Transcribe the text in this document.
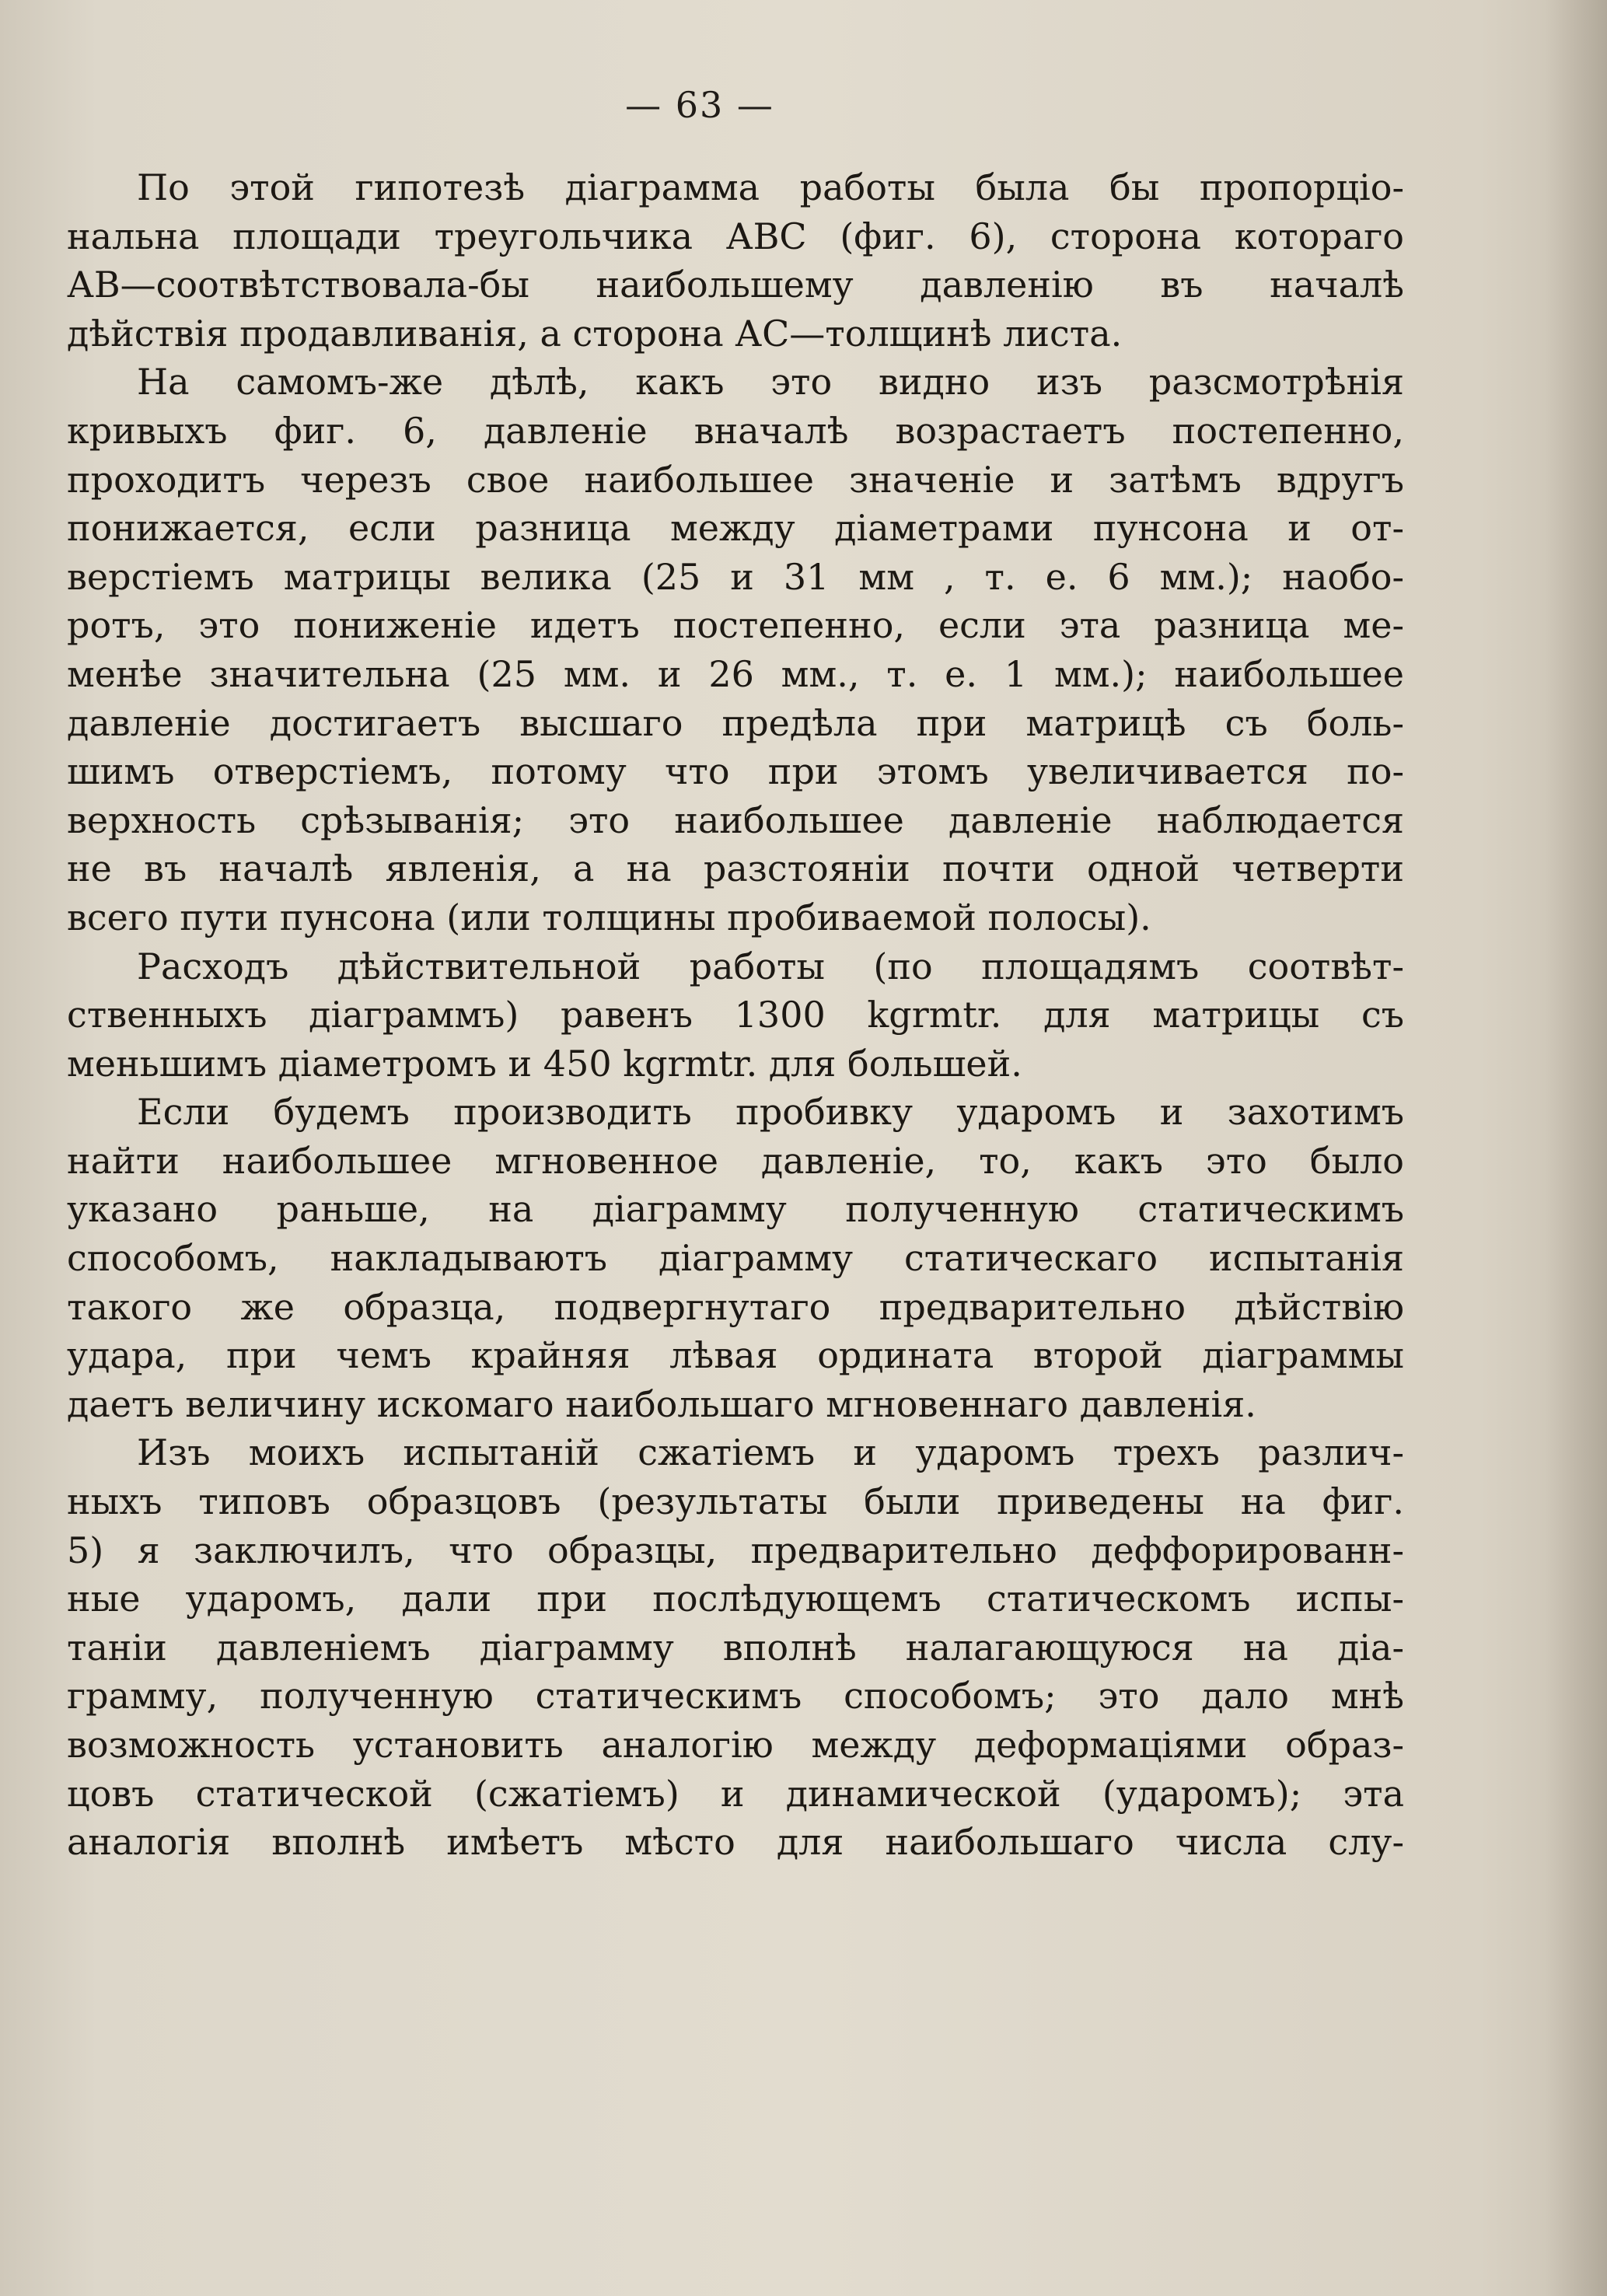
— 63 —
По этой гипотезѣ діаграмма работы была бы пропорціо-
нальна площади треугольчика АВС (фиг. 6), сторона котораго
АВ—соотвѣтствовала-бы наибольшему давленію въ началѣ
дѣйствія продавливанія, а сторона АС—толщинѣ листа.
На самомъ-же дѣлѣ, какъ это видно изъ разсмотрѣнія
кривыхъ фиг. 6, давленіе вначалѣ возрастаетъ постепенно,
проходитъ черезъ свое наибольшее значеніе и затѣмъ вдругъ
понижается, если разница между діаметрами пунсона и от-
верстіемъ матрицы велика (25 и 31 мм , т. е. 6 мм.); наобо-
ротъ, это пониженіе идетъ постепенно, если эта разница ме-
менѣе значительна (25 мм. и 26 мм., т. е. 1 мм.); наибольшее
давленіе достигаетъ высшаго предѣла при матрицѣ съ боль-
шимъ отверстіемъ, потому что при этомъ увеличивается по-
верхность срѣзыванія; это наибольшее давленіе наблюдается
не въ началѣ явленія, а на разстояніи почти одной четверти
всего пути пунсона (или толщины пробиваемой полосы).
Расходъ дѣйствительной работы (по площадямъ соотвѣт-
ственныхъ діаграммъ) равенъ 1300 kgrmtr. для матрицы съ
меньшимъ діаметромъ и 450 kgrmtr. для большей.
Если будемъ производить пробивку ударомъ и захотимъ
найти наибольшее мгновенное давленіе, то, какъ это было
указано раньше, на діаграмму полученную статическимъ
способомъ, накладываютъ діаграмму статическаго испытанія
такого же образца, подвергнутаго предварительно дѣйствію
удара, при чемъ крайняя лѣвая ордината второй діаграммы
даетъ величину искомаго наибольшаго мгновеннаго давленія.
Изъ моихъ испытаній сжатіемъ и ударомъ трехъ различ-
ныхъ типовъ образцовъ (результаты были приведены на фиг.
5) я заключилъ, что образцы, предварительно деффорированн-
ные ударомъ, дали при послѣдующемъ статическомъ испы-
таніи давленіемъ діаграмму вполнѣ налагающуюся на діа-
грамму, полученную статическимъ способомъ; это дало мнѣ
возможность установить аналогію между деформаціями образ-
цовъ статической (сжатіемъ) и динамической (ударомъ); эта
аналогія вполнѣ имѣетъ мѣсто для наибольшаго числа слу-
